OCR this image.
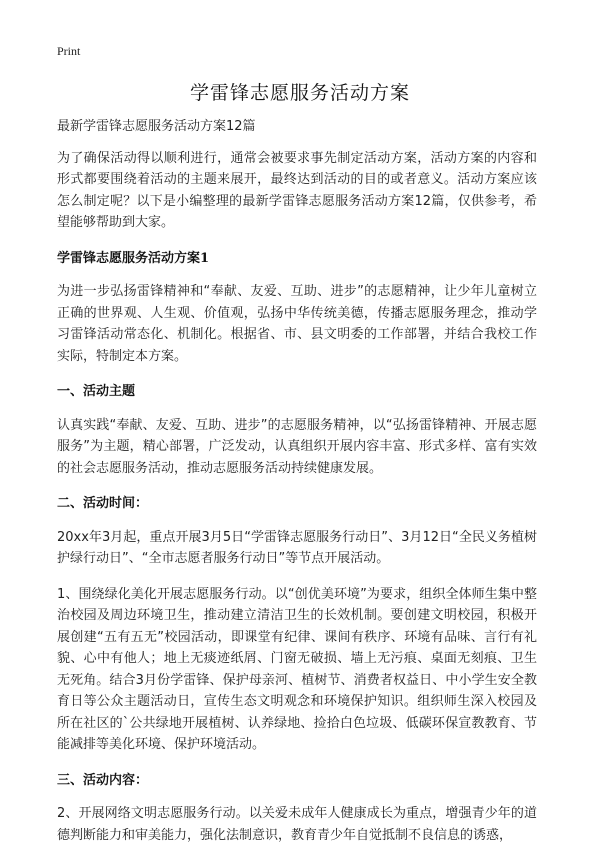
Print
学雷锋志愿服务活动方案

最新学雷锋志愿服务活动方案12篇

为了确保活动得以顺利进行，通常会被要求事先制定活动方案，活动方案的内容和形式都要围绕着活动的主题来展开，最终达到活动的目的或者意义。活动方案应该怎么制定呢？以下是小编整理的最新学雷锋志愿服务活动方案12篇，仅供参考，希望能够帮助到大家。

学雷锋志愿服务活动方案1

为进一步弘扬雷锋精神和“奉献、友爱、互助、进步”的志愿精神，让少年儿童树立正确的世界观、人生观、价值观，弘扬中华传统美德，传播志愿服务理念，推动学习雷锋活动常态化、机制化。根据省、市、县文明委的工作部署，并结合我校工作实际，特制定本方案。

一、活动主题

认真实践“奉献、友爱、互助、进步”的志愿服务精神，以“弘扬雷锋精神、开展志愿服务”为主题，精心部署，广泛发动，认真组织开展内容丰富、形式多样、富有实效的社会志愿服务活动，推动志愿服务活动持续健康发展。

二、活动时间：

20xx年3月起，重点开展3月5日“学雷锋志愿服务行动日”、3月12日“全民义务植树护绿行动日”、“全市志愿者服务行动日”等节点开展活动。

1、围绕绿化美化开展志愿服务行动。以“创优美环境”为要求，组织全体师生集中整治校园及周边环境卫生，推动建立清洁卫生的长效机制。要创建文明校园，积极开展创建“五有五无”校园活动，即课堂有纪律、课间有秩序、环境有品味、言行有礼貌、心中有他人；地上无痰迹纸屑、门窗无破损、墙上无污痕、桌面无刻痕、卫生无死角。结合3月份学雷锋、保护母亲河、植树节、消费者权益日、中小学生安全教育日等公众主题活动日，宣传生态文明观念和环境保护知识。组织师生深入校园及所在社区的`公共绿地开展植树、认养绿地、捡拾白色垃圾、低碳环保宣教教育、节能减排等美化环境、保护环境活动。

三、活动内容：

2、开展网络文明志愿服务行动。以关爱未成年人健康成长为重点，增强青少年的道德判断能力和审美能力，强化法制意识，教育青少年自觉抵制不良信息的诱惑，
